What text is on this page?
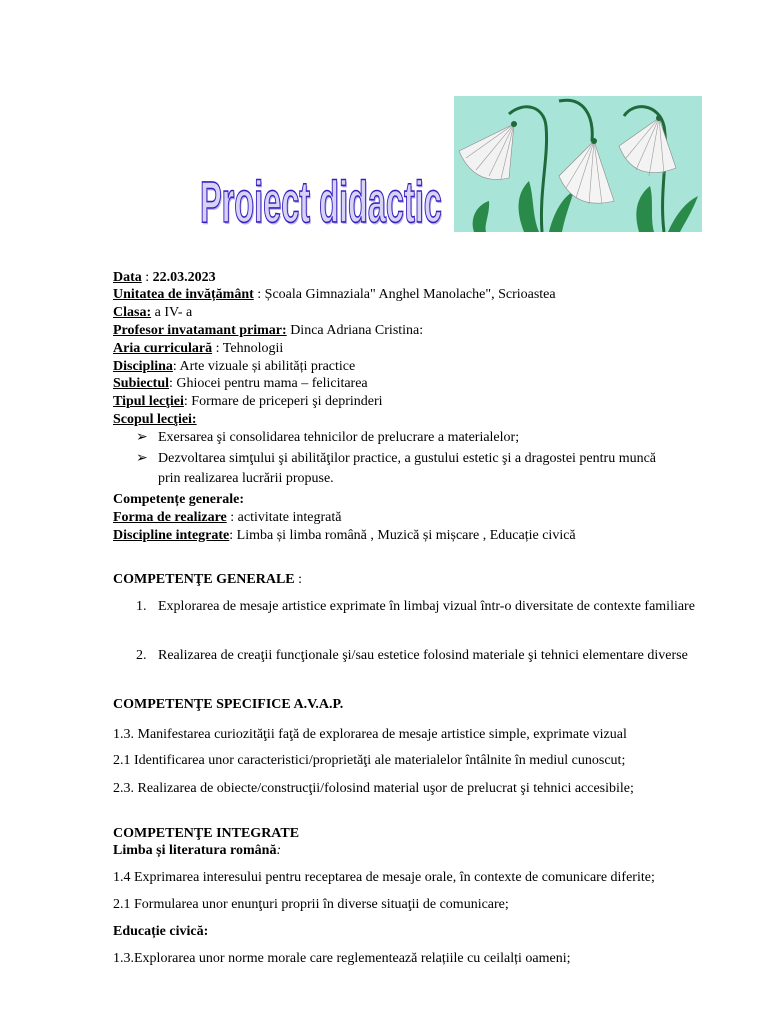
Proiect didactic
Data : 22.03.2023
Unitatea de invățământ : Școala Gimnaziala" Anghel Manolache", Scrioastea
Clasa: a IV- a
Profesor invatamant primar: Dinca Adriana Cristina:
Aria curriculară : Tehnologii
Disciplina: Arte vizuale și abilități practice
Subiectul: Ghiocei pentru mama – felicitarea
Tipul lecţiei: Formare de priceperi şi deprinderi
Scopul lecţiei:
➢ Exersarea şi consolidarea tehnicilor de prelucrare a materialelor;
➢ Dezvoltarea simţului şi abilităţilor practice, a gustului estetic şi a dragostei pentru muncă
prin realizarea lucrării propuse.
Competențe generale:
Forma de realizare : activitate integrată
Discipline integrate: Limba și limba română , Muzică și mișcare , Educație civică
COMPETENŢE GENERALE :
1. Explorarea de mesaje artistice exprimate în limbaj vizual într-o diversitate de contexte familiare
2. Realizarea de creaţii funcţionale şi/sau estetice folosind materiale şi tehnici elementare diverse
COMPETENŢE SPECIFICE A.V.A.P.
1.3. Manifestarea curiozităţii faţă de explorarea de mesaje artistice simple, exprimate vizual
2.1 Identificarea unor caracteristici/proprietăţi ale materialelor întâlnite în mediul cunoscut;
2.3. Realizarea de obiecte/construcţii/folosind material uşor de prelucrat şi tehnici accesibile;
COMPETENŢE INTEGRATE
Limba și literatura română:
1.4 Exprimarea interesului pentru receptarea de mesaje orale, în contexte de comunicare diferite;
2.1 Formularea unor enunţuri proprii în diverse situaţii de comunicare;
Educație civică:
1.3.Explorarea unor norme morale care reglementează relațiile cu ceilalți oameni;
